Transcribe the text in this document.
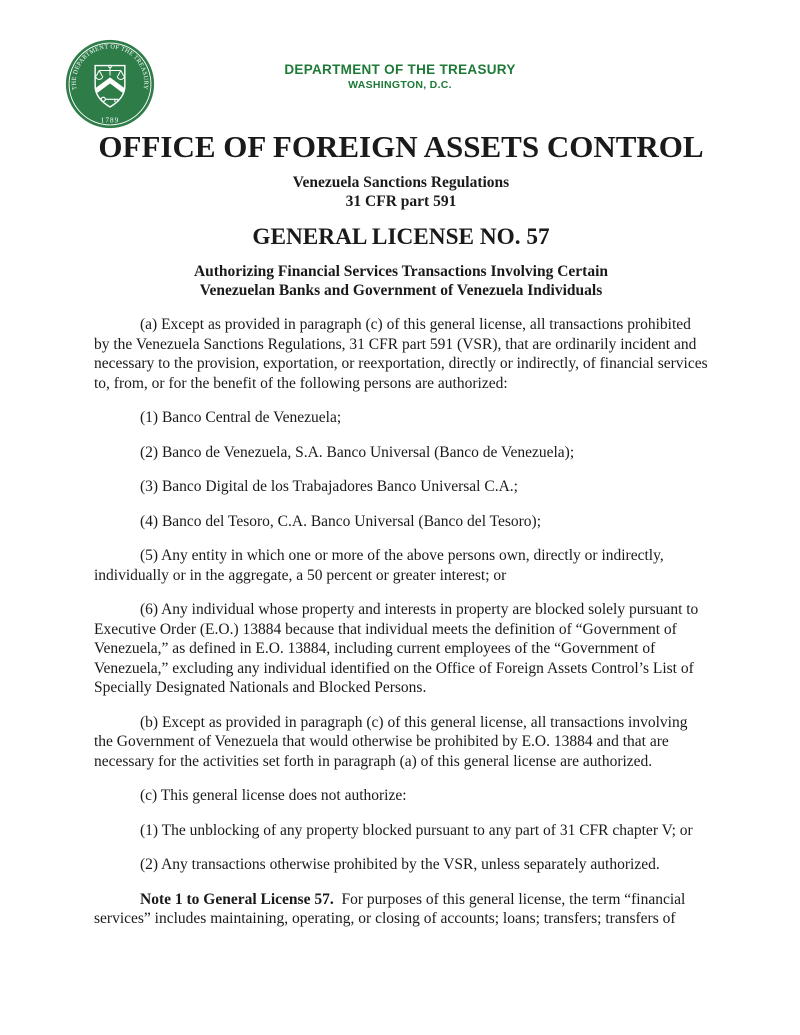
THE DEPARTMENT OF THE TREASURY
1789
DEPARTMENT OF THE TREASURY
WASHINGTON, D.C.
OFFICE OF FOREIGN ASSETS CONTROL
Venezuela Sanctions Regulations
31 CFR part 591
GENERAL LICENSE NO. 57
Authorizing Financial Services Transactions Involving Certain
Venezuelan Banks and Government of Venezuela Individuals

(a) Except as provided in paragraph (c) of this general license, all transactions prohibited by the Venezuela Sanctions Regulations, 31 CFR part 591 (VSR), that are ordinarily incident and necessary to the provision, exportation, or reexportation, directly or indirectly, of financial services to, from, or for the benefit of the following persons are authorized:

(1) Banco Central de Venezuela;

(2) Banco de Venezuela, S.A. Banco Universal (Banco de Venezuela);

(3) Banco Digital de los Trabajadores Banco Universal C.A.;

(4) Banco del Tesoro, C.A. Banco Universal (Banco del Tesoro);

(5) Any entity in which one or more of the above persons own, directly or indirectly, individually or in the aggregate, a 50 percent or greater interest; or

(6) Any individual whose property and interests in property are blocked solely pursuant to Executive Order (E.O.) 13884 because that individual meets the definition of “Government of Venezuela,” as defined in E.O. 13884, including current employees of the “Government of Venezuela,” excluding any individual identified on the Office of Foreign Assets Control’s List of Specially Designated Nationals and Blocked Persons.

(b) Except as provided in paragraph (c) of this general license, all transactions involving the Government of Venezuela that would otherwise be prohibited by E.O. 13884 and that are necessary for the activities set forth in paragraph (a) of this general license are authorized.

(c) This general license does not authorize:

(1) The unblocking of any property blocked pursuant to any part of 31 CFR chapter V; or

(2) Any transactions otherwise prohibited by the VSR, unless separately authorized.

Note 1 to General License 57.  For purposes of this general license, the term “financial services” includes maintaining, operating, or closing of accounts; loans; transfers; transfers of
